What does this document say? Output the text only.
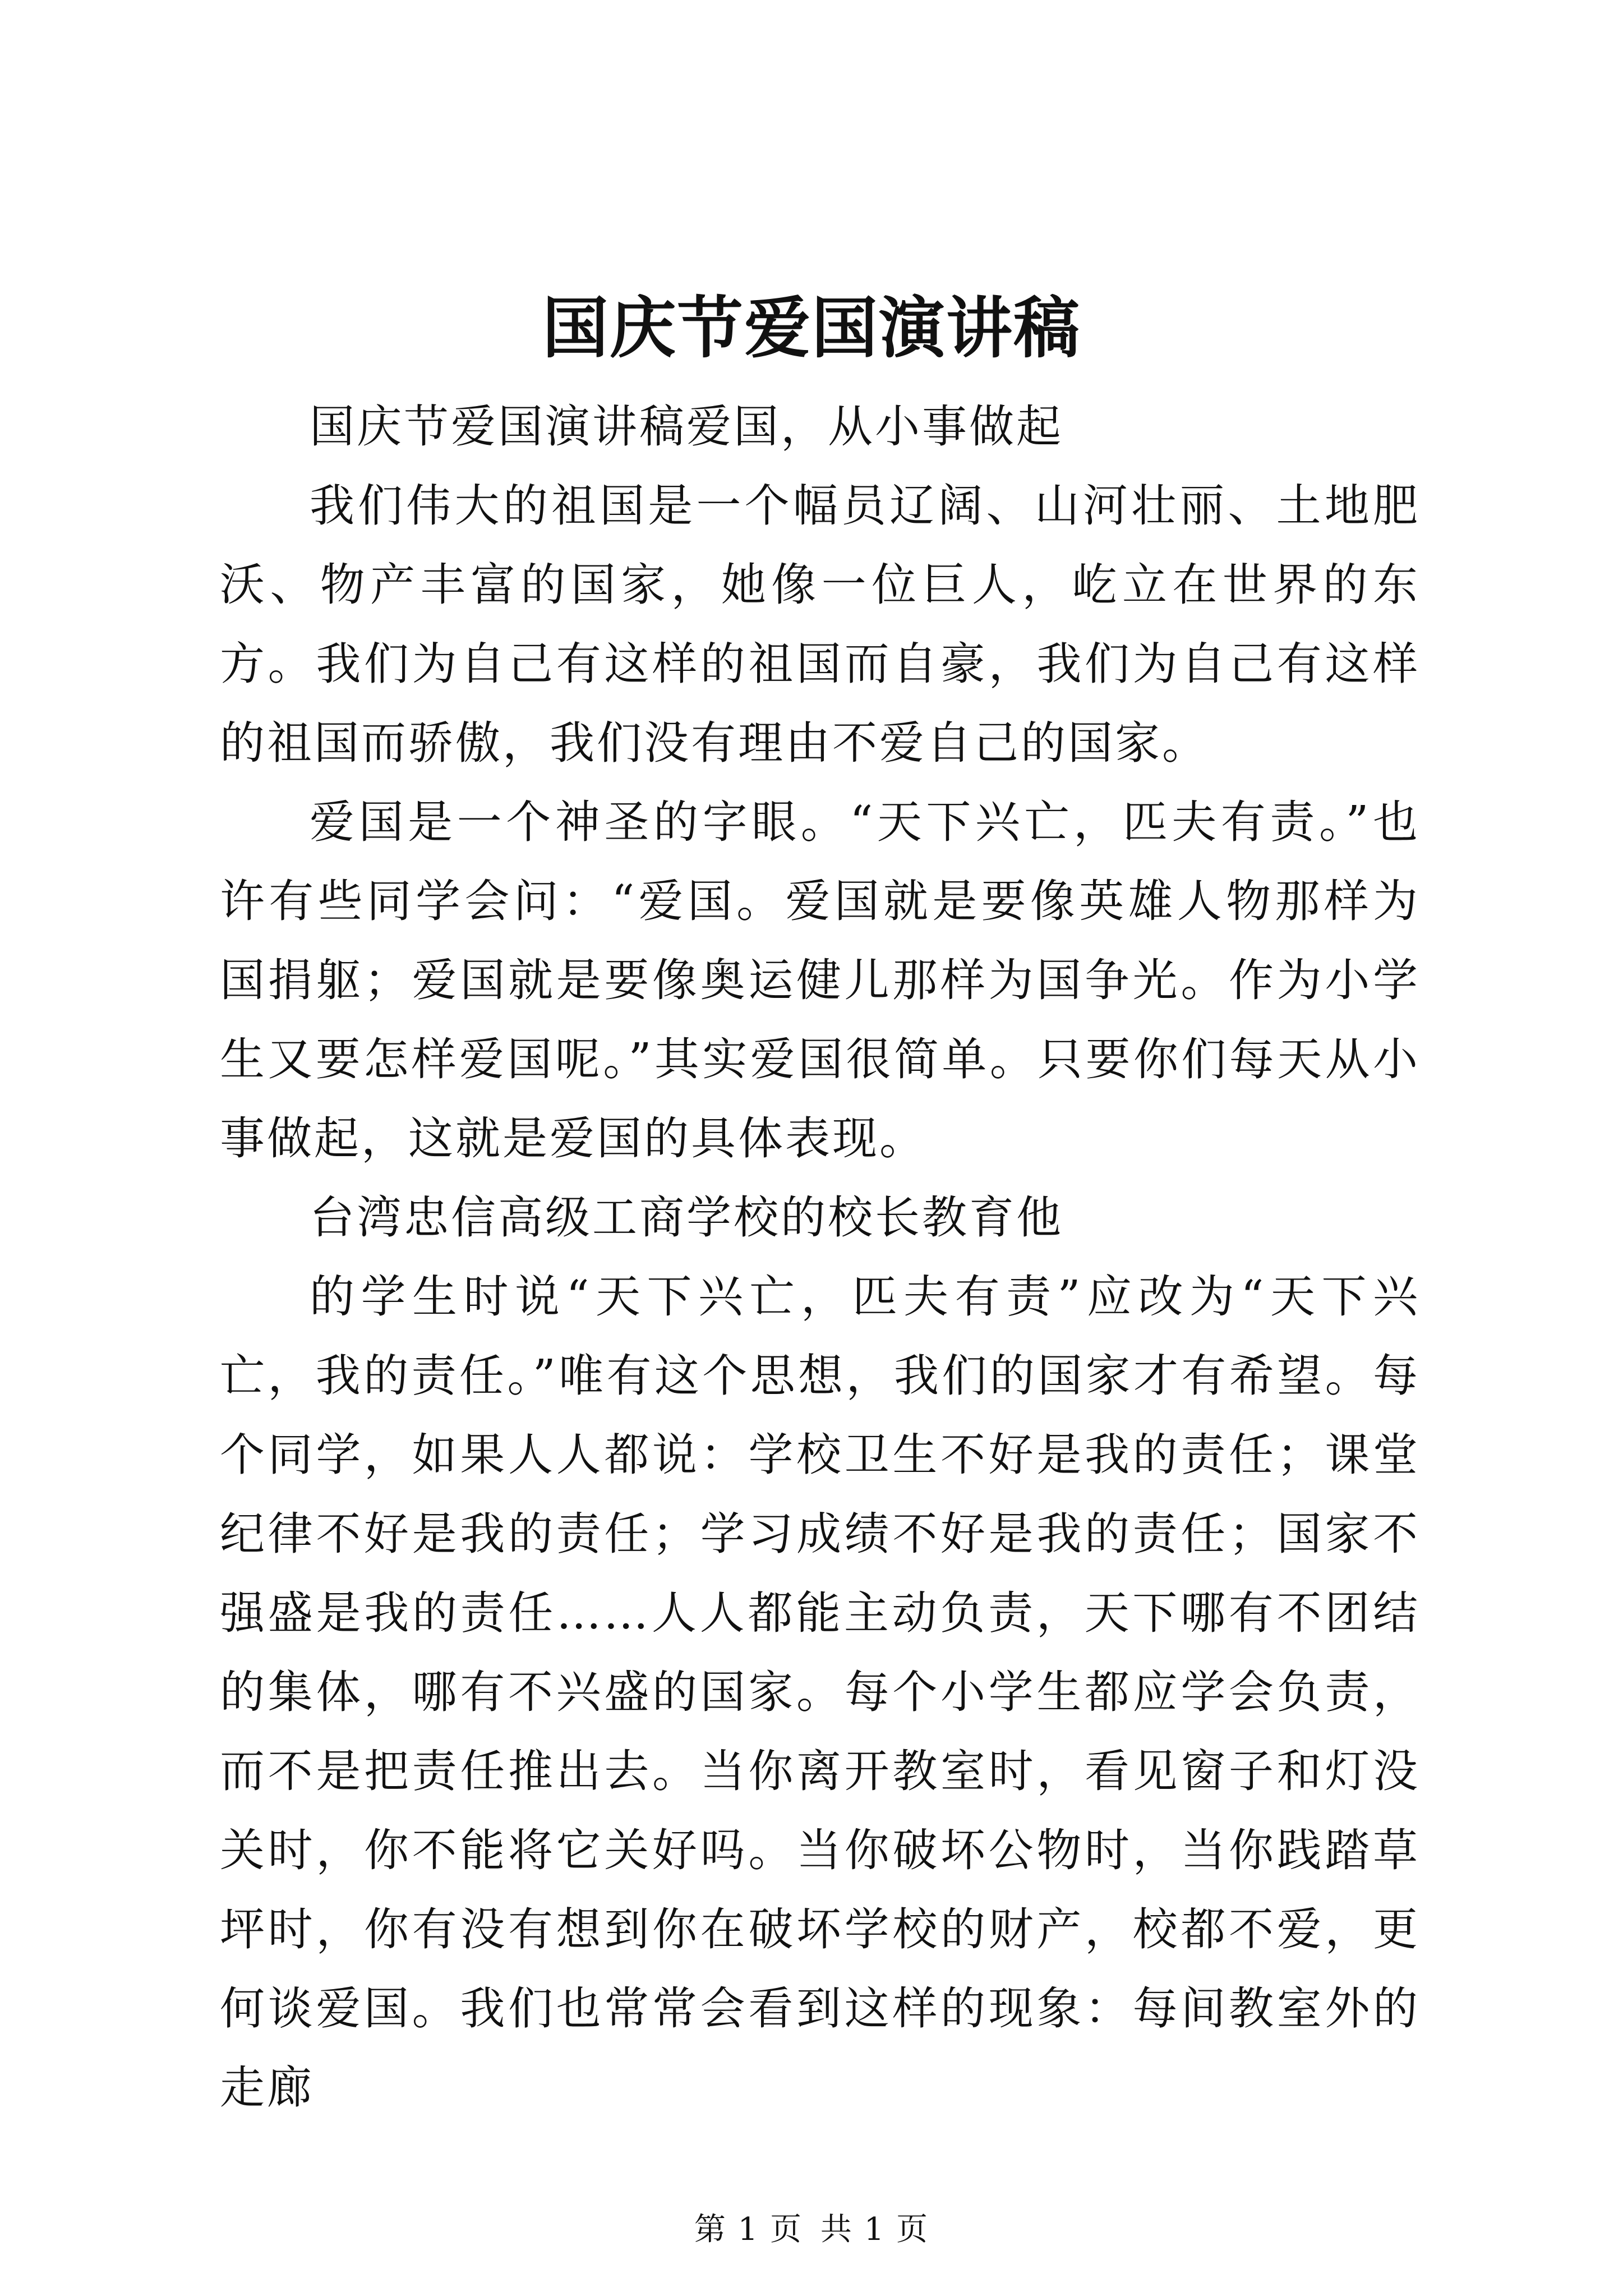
国庆节爱国演讲稿

国庆节爱国演讲稿爱国，从小事做起

我们伟大的祖国是一个幅员辽阔、山河壮丽、土地肥沃、物产丰富的国家，她像一位巨人，屹立在世界的东方。我们为自己有这样的祖国而自豪，我们为自己有这样的祖国而骄傲，我们没有理由不爱自己的国家。

爱国是一个神圣的字眼。“天下兴亡，匹夫有责。”也许有些同学会问：“爱国。爱国就是要像英雄人物那样为国捐躯；爱国就是要像奥运健儿那样为国争光。作为小学生又要怎样爱国呢。”其实爱国很简单。只要你们每天从小事做起，这就是爱国的具体表现。

台湾忠信高级工商学校的校长教育他

的学生时说“天下兴亡，匹夫有责”应改为“天下兴亡，我的责任。”唯有这个思想，我们的国家才有希望。每个同学，如果人人都说：学校卫生不好是我的责任；课堂纪律不好是我的责任；学习成绩不好是我的责任；国家不强盛是我的责任……人人都能主动负责，天下哪有不团结的集体，哪有不兴盛的国家。每个小学生都应学会负责，而不是把责任推出去。当你离开教室时，看见窗子和灯没关时，你不能将它关好吗。当你破坏公物时，当你践踏草坪时，你有没有想到你在破坏学校的财产，校都不爱，更何谈爱国。我们也常常会看到这样的现象：每间教室外的走廊

第 1 页 共 1 页
